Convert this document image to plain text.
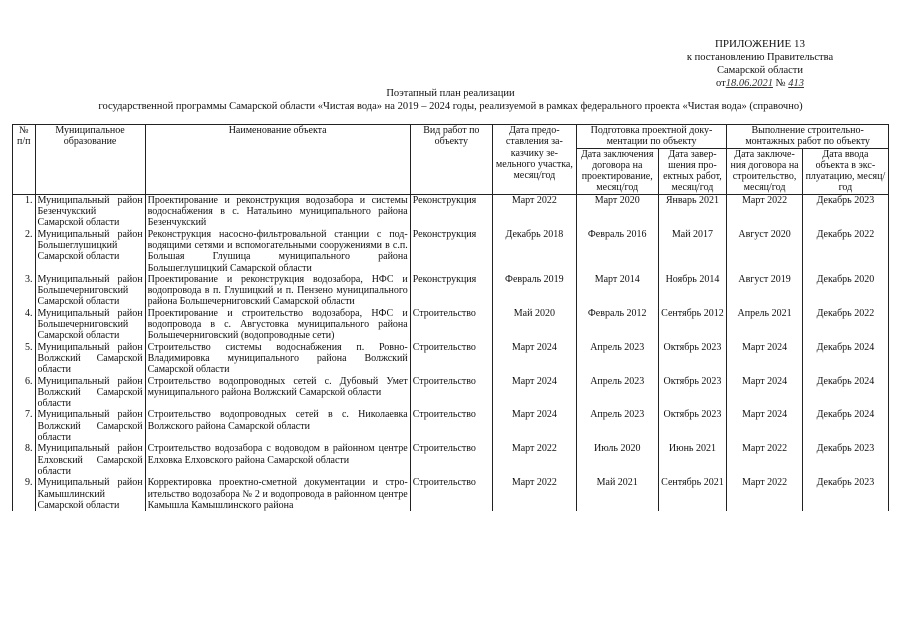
ПРИЛОЖЕНИЕ 13
к постановлению Правительства
Самарской области
от18.06.2021 № 413
Поэтапный план реализации
государственной программы Самарской области «Чистая вода» на 2019 – 2024 годы, реализуемой в рамках федерального проекта «Чистая вода» (справочно)
№ п/п	Муниципальное образование	Наименование объекта	Вид работ по объекту	Дата предоставления заказчику земельного участка, месяц/год	Подготовка проектной документации по объекту		Выполнение строительномонтажных работ по объекту	
					Дата заключения договора на проектирование, месяц/год	Дата завершения проектных работ, месяц/год	Дата заключения договора на строительство, месяц/год	Дата ввода объекта в эксплуатацию, месяц/год
1.	Муниципальный район Безенчукский Самарской области	Проектирование и реконструкция водозабора и системы водоснабжения в с. Натальино муниципального района Безенчукский	Реконструкция	Март 2022	Март 2020	Январь 2021	Март 2022	Декабрь 2023
2.	Муниципальный район Большеглушицкий Самарской области	Реконструкция насосно-фильтровальной станции с подводящими сетями и вспомогательными сооружениями в с.п. Большая Глушица муниципального района Большеглушицкий Самарской области	Реконструкция	Декабрь 2018	Февраль 2016	Май 2017	Август 2020	Декабрь 2022
3.	Муниципальный район Большечерниговский Самарской области	Проектирование и реконструкция водозабора, НФС и водопровода в п. Глушицкий и п. Пензено муниципального района Большечерниговский Самарской области	Реконструкция	Февраль 2019	Март 2014	Ноябрь 2014	Август 2019	Декабрь 2020
4.	Муниципальный район Большечерниговский Самарской области	Проектирование и строительство водозабора, НФС и водопровода в с. Августовка муниципального района Большечерниговский (водопроводные сети)	Строительство	Май 2020	Февраль 2012	Сентябрь 2012	Апрель 2021	Декабрь 2022
5.	Муниципальный район Волжский Самарской области	Строительство системы водоснабжения п. Ровно-Владимировка муниципального района Волжский Самарской области	Строительство	Март 2024	Апрель 2023	Октябрь 2023	Март 2024	Декабрь 2024
6.	Муниципальный район Волжский Самарской области	Строительство водопроводных сетей с. Дубовый Умет муниципального района Волжский Самарской области	Строительство	Март 2024	Апрель 2023	Октябрь 2023	Март 2024	Декабрь 2024
7.	Муниципальный район Волжский Самарской области	Строительство водопроводных сетей в с. Николаевка Волжского района Самарской области	Строительство	Март 2024	Апрель 2023	Октябрь 2023	Март 2024	Декабрь 2024
8.	Муниципальный район Елховский Самарской области	Строительство водозабора с водоводом в районном центре Елховка Елховского района Самарской области	Строительство	Март 2022	Июль 2020	Июнь 2021	Март 2022	Декабрь 2023
9.	Муниципальный район Камышлинский Самарской области	Корректировка проектно-сметной документации и строительство водозабора № 2 и водопровода в районном центре Камышла Камышлинского района	Строительство	Март 2022	Май 2021	Сентябрь 2021	Март 2022	Декабрь 2023
